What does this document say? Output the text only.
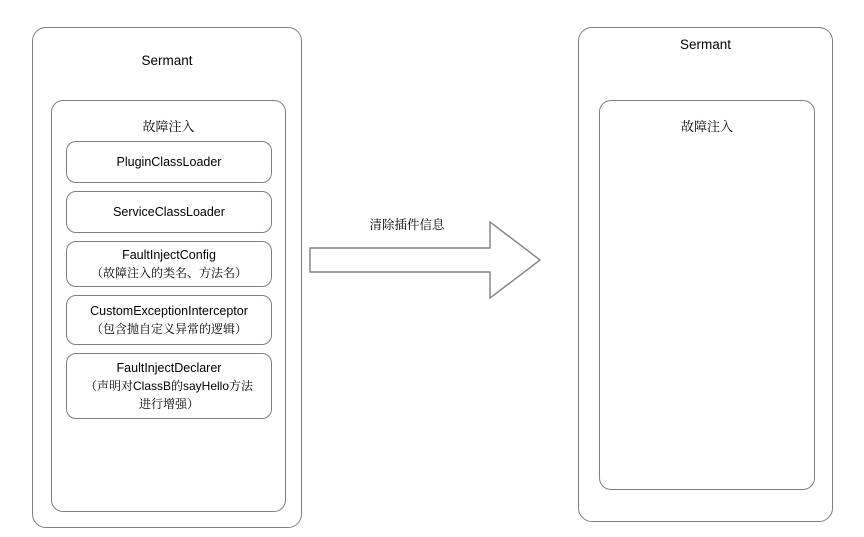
Sermant
故障注入
PluginClassLoader
ServiceClassLoader
FaultInjectConfig
（故障注入的类名、方法名）
CustomExceptionInterceptor
（包含抛自定义异常的逻辑）
FaultInjectDeclarer
（声明对ClassB的sayHello方法进行增强）
清除插件信息
Sermant
故障注入
